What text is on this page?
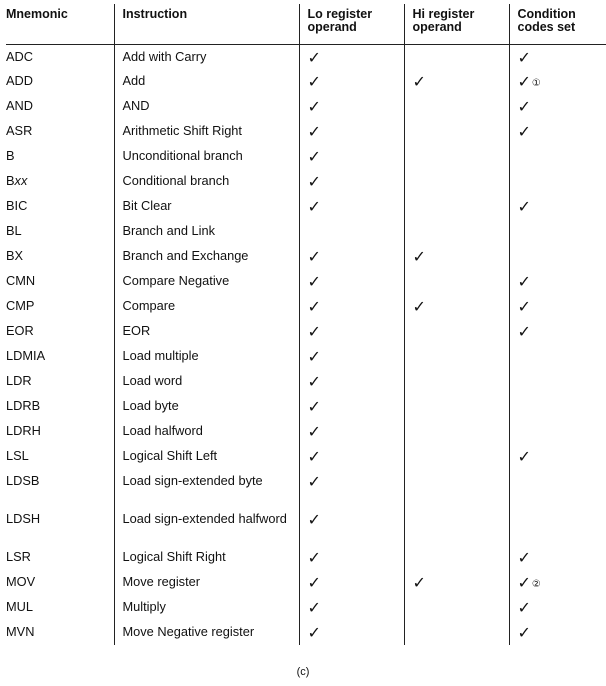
Mnemonic	Instruction	Lo register operand	Hi register operand	Condition codes set
ADC	Add with Carry	✓		✓
ADD	Add	✓	✓	✓①
AND	AND	✓		✓
ASR	Arithmetic Shift Right	✓		✓
B	Unconditional branch	✓		
Bxx	Conditional branch	✓		
BIC	Bit Clear	✓		✓
BL	Branch and Link			
BX	Branch and Exchange	✓	✓	
CMN	Compare Negative	✓		✓
CMP	Compare	✓	✓	✓
EOR	EOR	✓		✓
LDMIA	Load multiple	✓		
LDR	Load word	✓		
LDRB	Load byte	✓		
LDRH	Load halfword	✓		
LSL	Logical Shift Left	✓		✓
LDSB	Load sign-extended byte	✓		
LDSH	Load sign-extended halfword	✓		
LSR	Logical Shift Right	✓		✓
MOV	Move register	✓	✓	✓②
MUL	Multiply	✓		✓
MVN	Move Negative register	✓		✓
(c)
